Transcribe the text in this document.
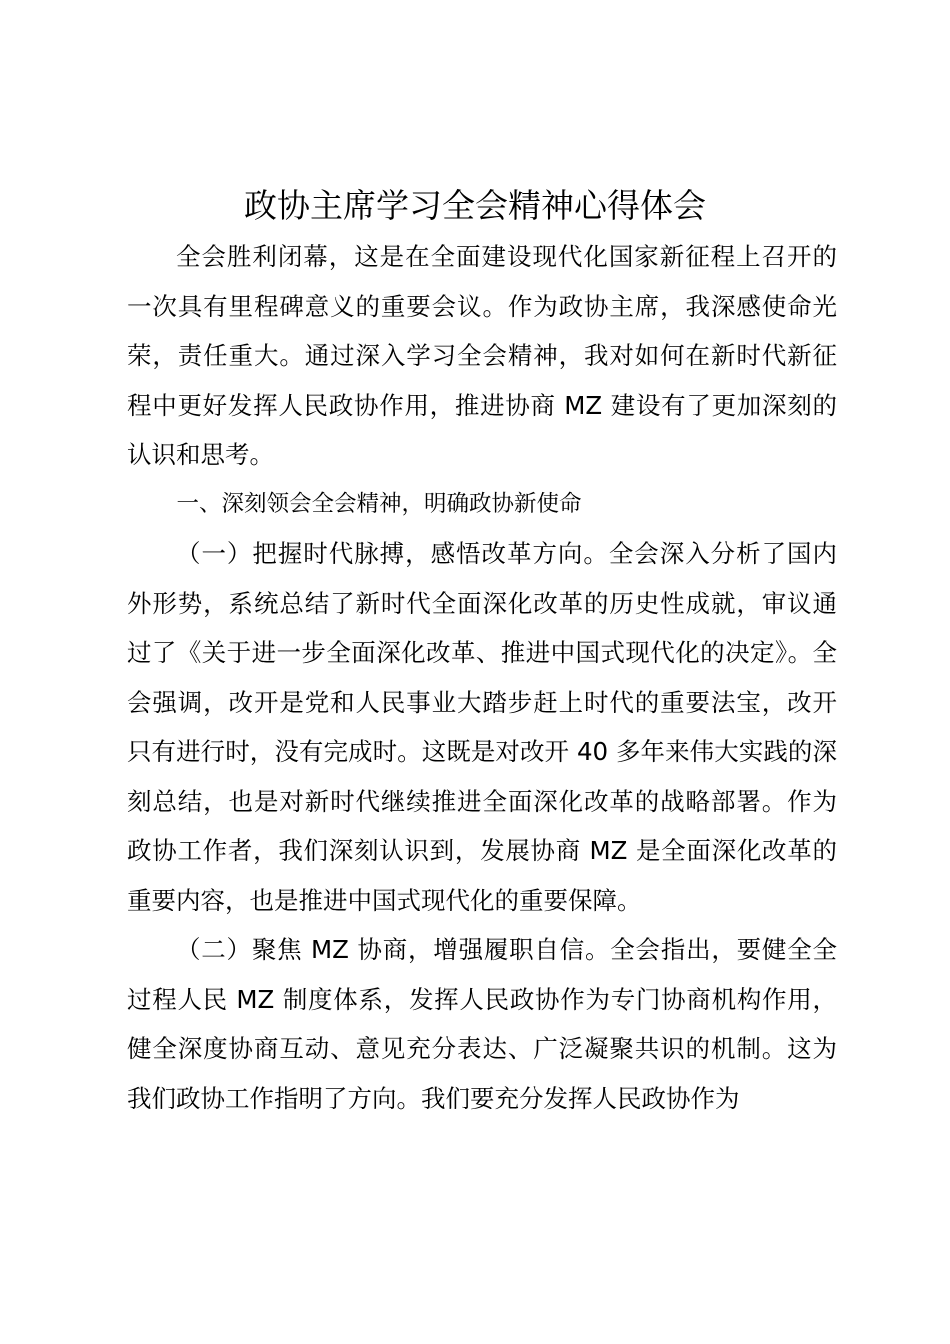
政协主席学习全会精神心得体会

全会胜利闭幕，这是在全面建设现代化国家新征程上召开的一次具有里程碑意义的重要会议。作为政协主席，我深感使命光荣，责任重大。通过深入学习全会精神，我对如何在新时代新征程中更好发挥人民政协作用，推进协商 MZ 建设有了更加深刻的认识和思考。

一、深刻领会全会精神，明确政协新使命

（一）把握时代脉搏，感悟改革方向。全会深入分析了国内外形势，系统总结了新时代全面深化改革的历史性成就，审议通过了《关于进一步全面深化改革、推进中国式现代化的决定》。全会强调，改开是党和人民事业大踏步赶上时代的重要法宝，改开只有进行时，没有完成时。这既是对改开 40 多年来伟大实践的深刻总结，也是对新时代继续推进全面深化改革的战略部署。作为政协工作者，我们深刻认识到，发展协商 MZ 是全面深化改革的重要内容，也是推进中国式现代化的重要保障。

（二）聚焦 MZ 协商，增强履职自信。全会指出，要健全全过程人民 MZ 制度体系，发挥人民政协作为专门协商机构作用，健全深度协商互动、意见充分表达、广泛凝聚共识的机制。这为我们政协工作指明了方向。我们要充分发挥人民政协作为
